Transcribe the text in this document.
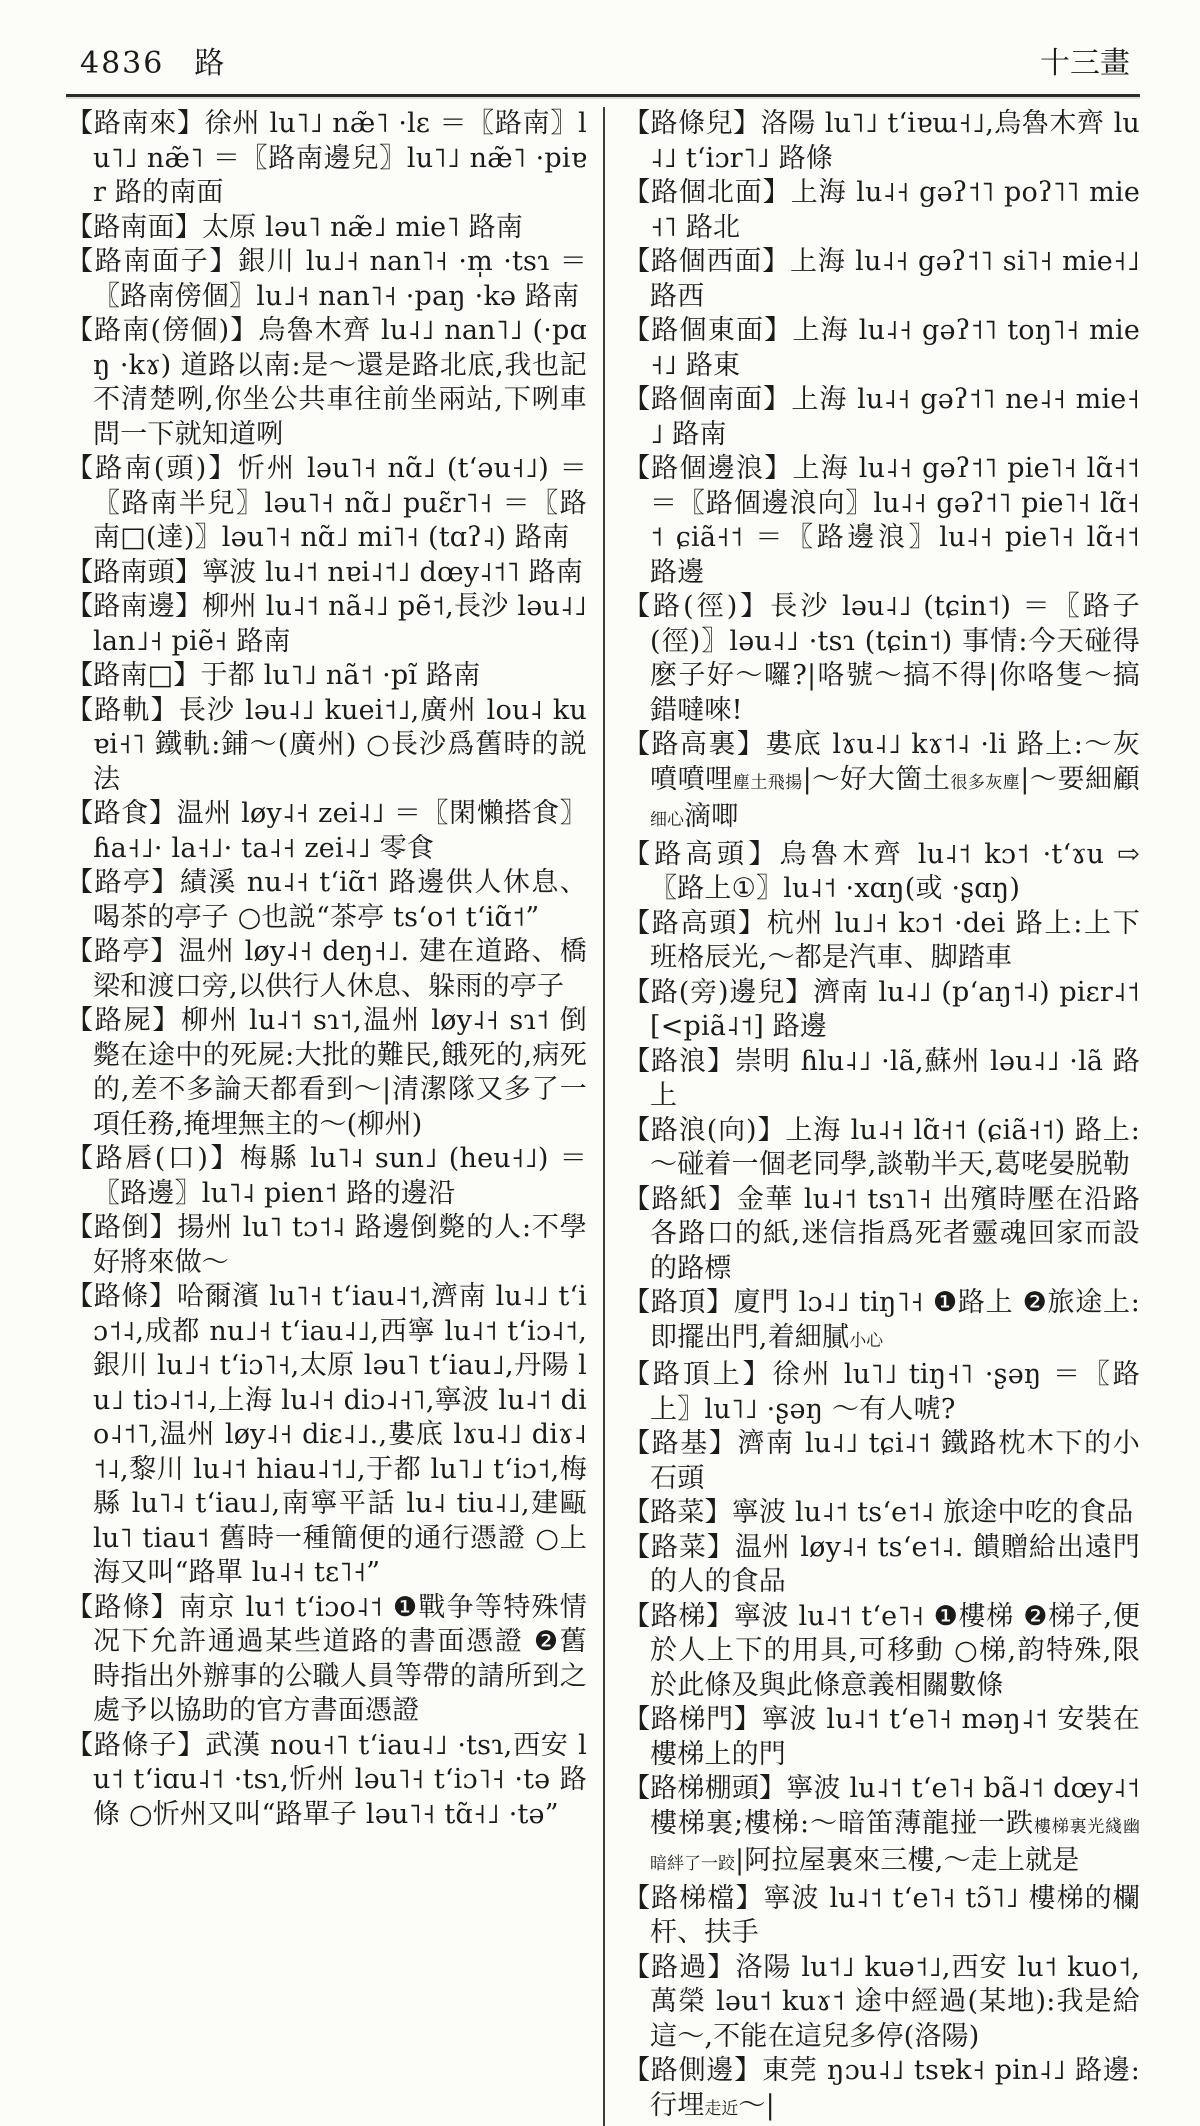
4836 路	十三畫

【路南來】徐州 lu˥˩ næ̃˥ ·lɛ ＝〖路南〗lu˥˩ næ̃˥ ＝〖路南邊兒〗lu˥˩ næ̃˥ ·piɐr 路的南面

【路南面】太原 ləu˥ næ̃˩ mie˥ 路南

【路南面子】銀川 lu˩˧ nan˥˧ ·m̩ ·tsɿ ＝〖路南傍個〗lu˩˧ nan˥˧ ·paŋ ·kə 路南

【路南(傍個)】烏魯木齊 lu˨˩ nan˥˩ (·pɑŋ ·kɤ) 道路以南:是～還是路北底,我也記不清楚咧,你坐公共車往前坐兩站,下咧車問一下就知道咧

【路南(頭)】忻州 ləu˥˧ nɑ̃˩ (tʻəu˧˩) ＝〖路南半兒〗ləu˥˧ nɑ̃˩ puɛ̃r˥˧ ＝〖路南□(達)〗ləu˥˧ nɑ̃˩ mi˥˧ (tɑʔ˨) 路南

【路南頭】寧波 lu˨˦ nɐi˨˦˩ dœy˨˦˥ 路南

【路南邊】柳州 lu˨˦ nã˨˩ pẽ˦,長沙 ləu˨˩ lan˩˧ piẽ˧ 路南

【路南□】于都 lu˥˩ nã˦ ·pĩ 路南

【路軌】長沙 ləu˨˩ kuei˦˩,廣州 lou˨ kuɐi˧˥ 鐵軌:鋪～(廣州) ○長沙爲舊時的説法

【路食】温州 løy˨˧ zei˨˩ ＝〖閑懶搭食〗ɦa˧˩· la˧˩· ta˨˧ zei˨˩ 零食

【路亭】績溪 nu˨˧ tʻiɑ̃˦ 路邊供人休息、喝茶的亭子 ○也説“茶亭 tsʻo˦ tʻiɑ̃˦”

【路亭】温州 løy˨˧ deŋ˧˩. 建在道路、橋梁和渡口旁,以供行人休息、躲雨的亭子

【路屍】柳州 lu˨˦ sɿ˦,温州 løy˨˧ sɿ˦ 倒斃在途中的死屍:大批的難民,餓死的,病死的,差不多論天都看到～|清潔隊又多了一項任務,掩埋無主的～(柳州)

【路唇(口)】梅縣 lu˥˨ sun˩ (heu˧˩) ＝〖路邊〗lu˥˨ pien˦ 路的邊沿

【路倒】揚州 lu˥ tɔ˦˨ 路邊倒斃的人:不學好將來做～

【路條】哈爾濱 lu˥˧ tʻiau˨˦,濟南 lu˨˩ tʻiɔ˦˨,成都 nu˩˧ tʻiau˨˩,西寧 lu˨˦ tʻiɔ˨˦,銀川 lu˩˧ tʻiɔ˥˧,太原 ləu˥ tʻiau˩,丹陽 lu˩ tiɔ˨˦˨,上海 lu˨˧ diɔ˨˧˥,寧波 lu˨˦ dio˨˦˥,温州 løy˨˧ diɛ˨˩.,婁底 lɤu˨˩ diɤ˨˦˨,黎川 lu˨˦ hiau˨˦˩,于都 lu˥˩ tʻiɔ˦,梅縣 lu˥˨ tʻiau˩,南寧平話 lu˨ tiu˨˩,建甌 lu˥ tiau˦ 舊時一種簡便的通行憑證 ○上海又叫“路單 lu˨˧ tɛ˥˧”

【路條】南京 lu˦ tʻiɔo˨˦ ❶戰争等特殊情况下允許通過某些道路的書面憑證 ❷舊時指出外辦事的公職人員等帶的請所到之處予以協助的官方書面憑證

【路條子】武漢 nou˧˥ tʻiau˨˩ ·tsɿ,西安 lu˦ tʻiɑu˨˦ ·tsɿ,忻州 ləu˥˧ tʻiɔ˥˧ ·tə 路條 ○忻州又叫“路單子 ləu˥˧ tɑ̃˧˩ ·tə”

【路條兒】洛陽 lu˥˩ tʻiɐɯ˧˩,烏魯木齊 lu˨˩ tʻiɔr˥˩ 路條

【路個北面】上海 lu˨˧ gəʔ˦˥ poʔ˥˥ mie˧˥ 路北

【路個西面】上海 lu˨˧ gəʔ˦˥ si˥˧ mie˧˩ 路西

【路個東面】上海 lu˨˧ gəʔ˦˥ toŋ˥˧ mie˧˩ 路東

【路個南面】上海 lu˨˧ gəʔ˦˥ ne˨˧ mie˧˩ 路南

【路個邊浪】上海 lu˨˧ gəʔ˦˥ pie˥˧ lɑ̃˧˦ ＝〖路個邊浪向〗lu˨˧ gəʔ˦˥ pie˥˧ lɑ̃˧˦ ɕiã˧˦ ＝〖路邊浪〗lu˨˧ pie˥˧ lɑ̃˧˦ 路邊

【路(徑)】長沙 ləu˨˩ (tɕin˦) ＝〖路子(徑)〗ləu˨˩ ·tsɿ (tɕin˦) 事情:今天碰得麽子好～囉?|咯號～搞不得|你咯隻～搞錯噠唻!

【路高裏】婁底 lɤu˨˩ kɤ˦˨ ·li 路上:～灰噴噴哩塵土飛揚|～好大箇土很多灰塵|～要細顧细心滴唧

【路高頭】烏魯木齊 lu˨˦ kɔ˦ ·tʻɤu ⇨〖路上①〗lu˨˦ ·xɑŋ(或 ·ʂɑŋ)

【路高頭】杭州 lu˩˧ kɔ˦ ·dei 路上:上下班格辰光,～都是汽車、脚踏車

【路(旁)邊兒】濟南 lu˨˩ (pʻaŋ˦˨) piɛr˨˦[<piã˨˦] 路邊

【路浪】崇明 ɦlu˨˩ ·lã,蘇州 ləu˨˩ ·lã 路上

【路浪(向)】上海 lu˨˧ lɑ̃˧˦ (ɕiã˧˦) 路上:～碰着一個老同學,談勒半天,葛咾晏脱勒

【路紙】金華 lu˨˦ tsɿ˥˧ 出殯時壓在沿路各路口的紙,迷信指爲死者靈魂回家而設的路標

【路頂】廈門 lɔ˨˩ tiŋ˥˧ ❶路上 ❷旅途上:即擺出門,着細膩小心

【路頂上】徐州 lu˥˩ tiŋ˧˥ ·ʂəŋ ＝〖路上〗lu˥˩ ·ʂəŋ ～有人唬?

【路基】濟南 lu˨˩ tɕi˨˦ 鐵路枕木下的小石頭

【路菜】寧波 lu˨˦ tsʻe˦˨ 旅途中吃的食品

【路菜】温州 løy˨˧ tsʻe˦˨. 饋贈給出遠門的人的食品

【路梯】寧波 lu˨˦ tʻe˥˧ ❶樓梯 ❷梯子,便於人上下的用具,可移動 ○梯,韵特殊,限於此條及與此條意義相關數條

【路梯門】寧波 lu˨˦ tʻe˥˧ məŋ˨˦ 安裝在樓梯上的門

【路梯棚頭】寧波 lu˨˦ tʻe˥˧ bã˨˦ dœy˨˦ 樓梯裏;樓梯:～暗笛薄龍掽一跌樓梯裏光綫幽暗絆了一跤|阿拉屋裏來三樓,～走上就是

【路梯檔】寧波 lu˨˦ tʻe˥˧ tɔ̃˥˩ 樓梯的欄杆、扶手

【路過】洛陽 lu˦˩ kuə˦˩,西安 lu˦ kuo˦,萬榮 ləu˦ kuɤ˦ 途中經過(某地):我是給這～,不能在這兒多停(洛陽)

【路側邊】東莞 ŋɔu˨˩ tsɐk˧ pin˨˩ 路邊:行埋走近～|
